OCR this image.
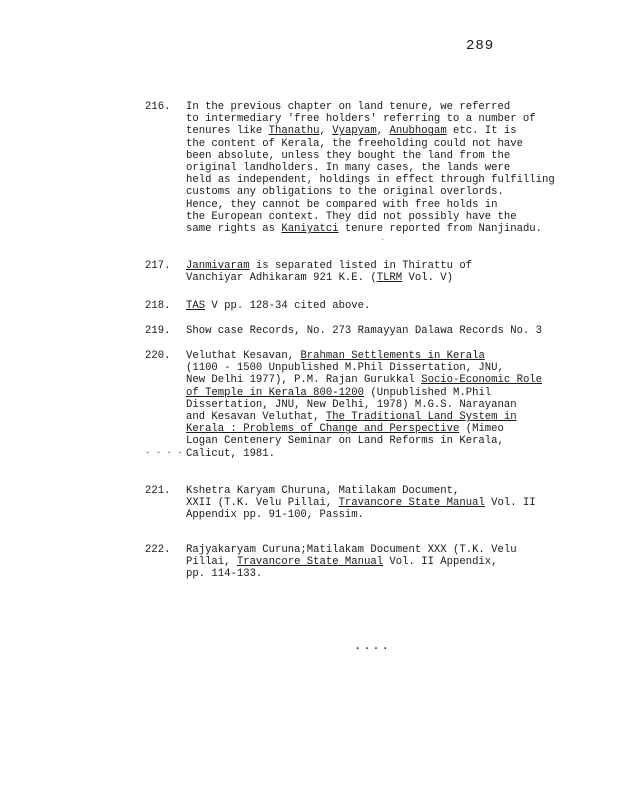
289
216.	In the previous chapter on land tenure, we referred
to intermediary 'free holders' referring to a number of
tenures like Thanathu, Vyapyam, Anubhogam etc. It is
the content of Kerala, the freeholding could not have
been absolute, unless they bought the land from the
original landholders. In many cases, the lands were
held as independent, holdings in effect through fulfilling
customs any obligations to the original overlords.
Hence, they cannot be compared with free holds in
the European context. They did not possibly have the
same rights as Kaniyatci tenure reported from Nanjinadu.
`
217.	Janmivaram is separated listed in Thirattu of
Vanchiyar Adhikaram 921 K.E. (TLRM Vol. V)
218.	TAS V pp. 128-34 cited above.
219.	Show case Records, No. 273 Ramayyan Dalawa Records No. 3
220.	Veluthat Kesavan, Brahman Settlements in Kerala
(1100 - 1500 Unpublished M.Phil Dissertation, JNU,
New Delhi 1977), P.M. Rajan Gurukkal Socio-Economic Role
of Temple in Kerala 800-1200 (Unpublished M.Phil
Dissertation, JNU, New Delhi, 1978) M.G.S. Narayanan
and Kesavan Veluthat, The Traditional Land System in
Kerala : Problems of Change and Perspective (Mimeo
Logan Centenery Seminar on Land Reforms in Kerala,
Calicut, 1981.
- - - -
221.	Kshetra Karyam Churuna, Matilakam Document,
XXII (T.K. Velu Pillai, Travancore State Manual Vol. II
Appendix pp. 91-100, Passim.
222.	Rajyakaryam Curuna;Matilakam Document XXX (T.K. Velu
Pillai, Travancore State Manual Vol. II Appendix,
pp. 114-133.
....
